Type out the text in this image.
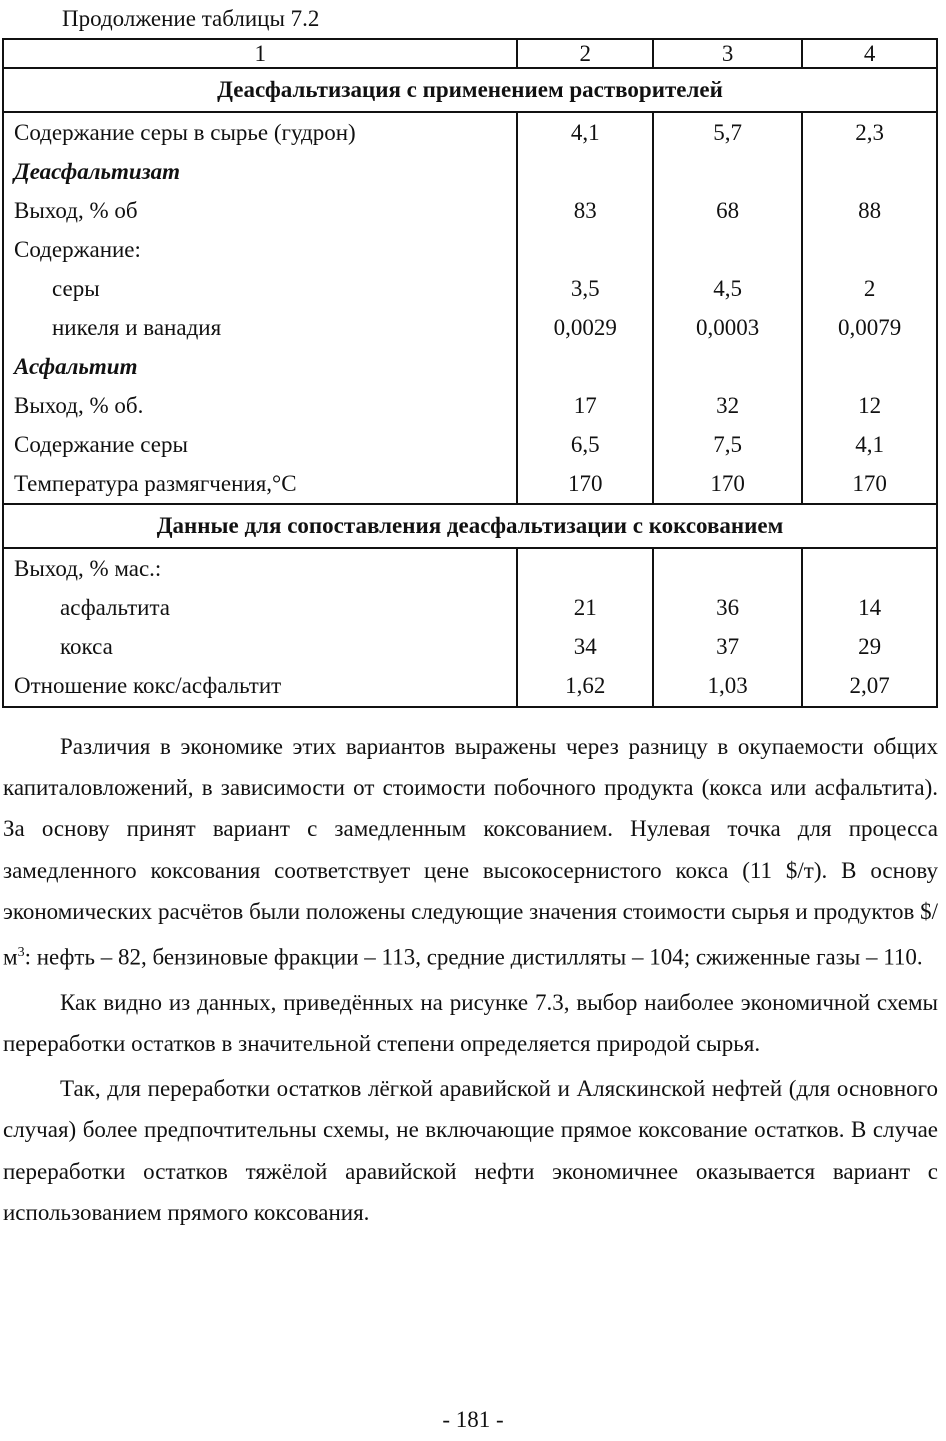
Продолжение таблицы 7.2
1	2	3	4
Деасфальтизация с применением растворителей			
Содержание серы в сырье (гудрон)	4,1	5,7	2,3
Деасфальтизат			
Выход, % об	83	68	88
Содержание:			
серы	3,5	4,5	2
никеля и ванадия	0,0029	0,0003	0,0079
Асфальтит			
Выход, % об.	17	32	12
Содержание серы	6,5	7,5	4,1
Температура размягчения,°С	170	170	170
Данные для сопоставления деасфальтизации с коксованием			
Выход, % мас.:			
асфальтита	21	36	14
кокса	34	37	29
Отношение кокс/асфальтит	1,62	1,03	2,07

Различия в экономике этих вариантов выражены через разницу в окупаемости общих капиталовложений, в зависимости от стоимости побочного продукта (кокса или асфальтита). За основу принят вариант с замедленным коксованием. Нулевая точка для процесса замедленного коксования соответствует цене высокосернистого кокса (11 $/т). В основу экономических расчётов были положены следующие значения стоимости сырья и продуктов $\$/м^3$: нефть – 82, бензиновые фракции – 113, средние дистилляты – 104; сжиженные газы – 110.

Как видно из данных, приведённых на рисунке 7.3, выбор наиболее экономичной схемы переработки остатков в значительной степени определяется природой сырья.

Так, для переработки остатков лёгкой аравийской и Аляскинской нефтей (для основного случая) более предпочтительны схемы, не включающие прямое коксование остатков. В случае переработки остатков тяжёлой аравийской нефти экономичнее оказывается вариант с использованием прямого коксования.

- 181 -
